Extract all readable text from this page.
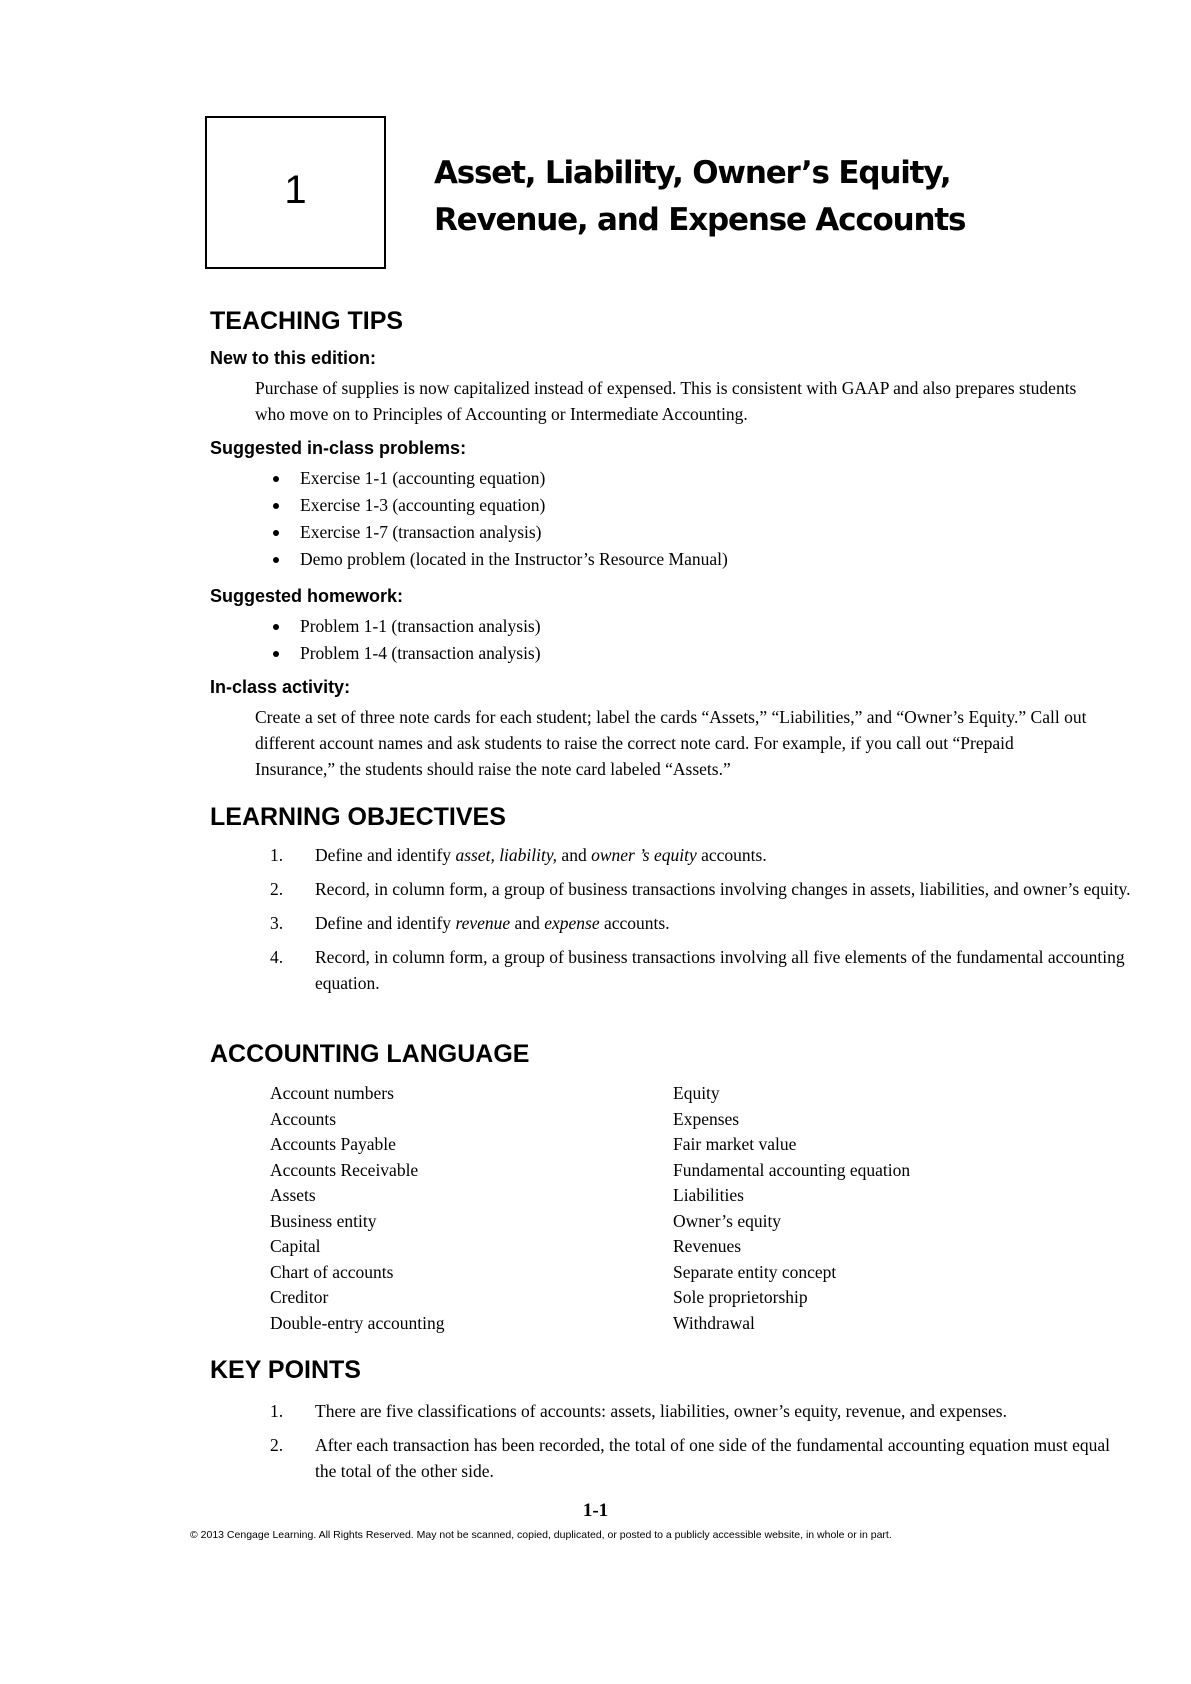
1	Asset, Liability, Owner’s Equity,
Revenue, and Expense Accounts
TEACHING TIPS
New to this edition:
Purchase of supplies is now capitalized instead of expensed. This is consistent with GAAP and also prepares students who move on to Principles of Accounting or Intermediate Accounting.
Suggested in-class problems:
Exercise 1-1 (accounting equation)
Exercise 1-3 (accounting equation)
Exercise 1-7 (transaction analysis)
Demo problem (located in the Instructor’s Resource Manual)
Suggested homework:
Problem 1-1 (transaction analysis)
Problem 1-4 (transaction analysis)
In-class activity:
Create a set of three note cards for each student; label the cards “Assets,” “Liabilities,” and “Owner’s Equity.” Call out different account names and ask students to raise the correct note card. For example, if you call out “Prepaid Insurance,” the students should raise the note card labeled “Assets.”
LEARNING OBJECTIVES
1. Define and identify asset, liability, and owner ’s equity accounts.
2. Record, in column form, a group of business transactions involving changes in assets, liabilities, and owner’s equity.
3. Define and identify revenue and expense accounts.
4. Record, in column form, a group of business transactions involving all five elements of the fundamental accounting equation.
ACCOUNTING LANGUAGE
Account numbers
Accounts
Accounts Payable
Accounts Receivable
Assets
Business entity
Capital
Chart of accounts
Creditor
Double-entry accounting
Equity
Expenses
Fair market value
Fundamental accounting equation
Liabilities
Owner’s equity
Revenues
Separate entity concept
Sole proprietorship
Withdrawal
KEY POINTS
1. There are five classifications of accounts: assets, liabilities, owner’s equity, revenue, and expenses.
2. After each transaction has been recorded, the total of one side of the fundamental accounting equation must equal the total of the other side.
1-1
© 2013 Cengage Learning. All Rights Reserved. May not be scanned, copied, duplicated, or posted to a publicly accessible website, in whole or in part.
